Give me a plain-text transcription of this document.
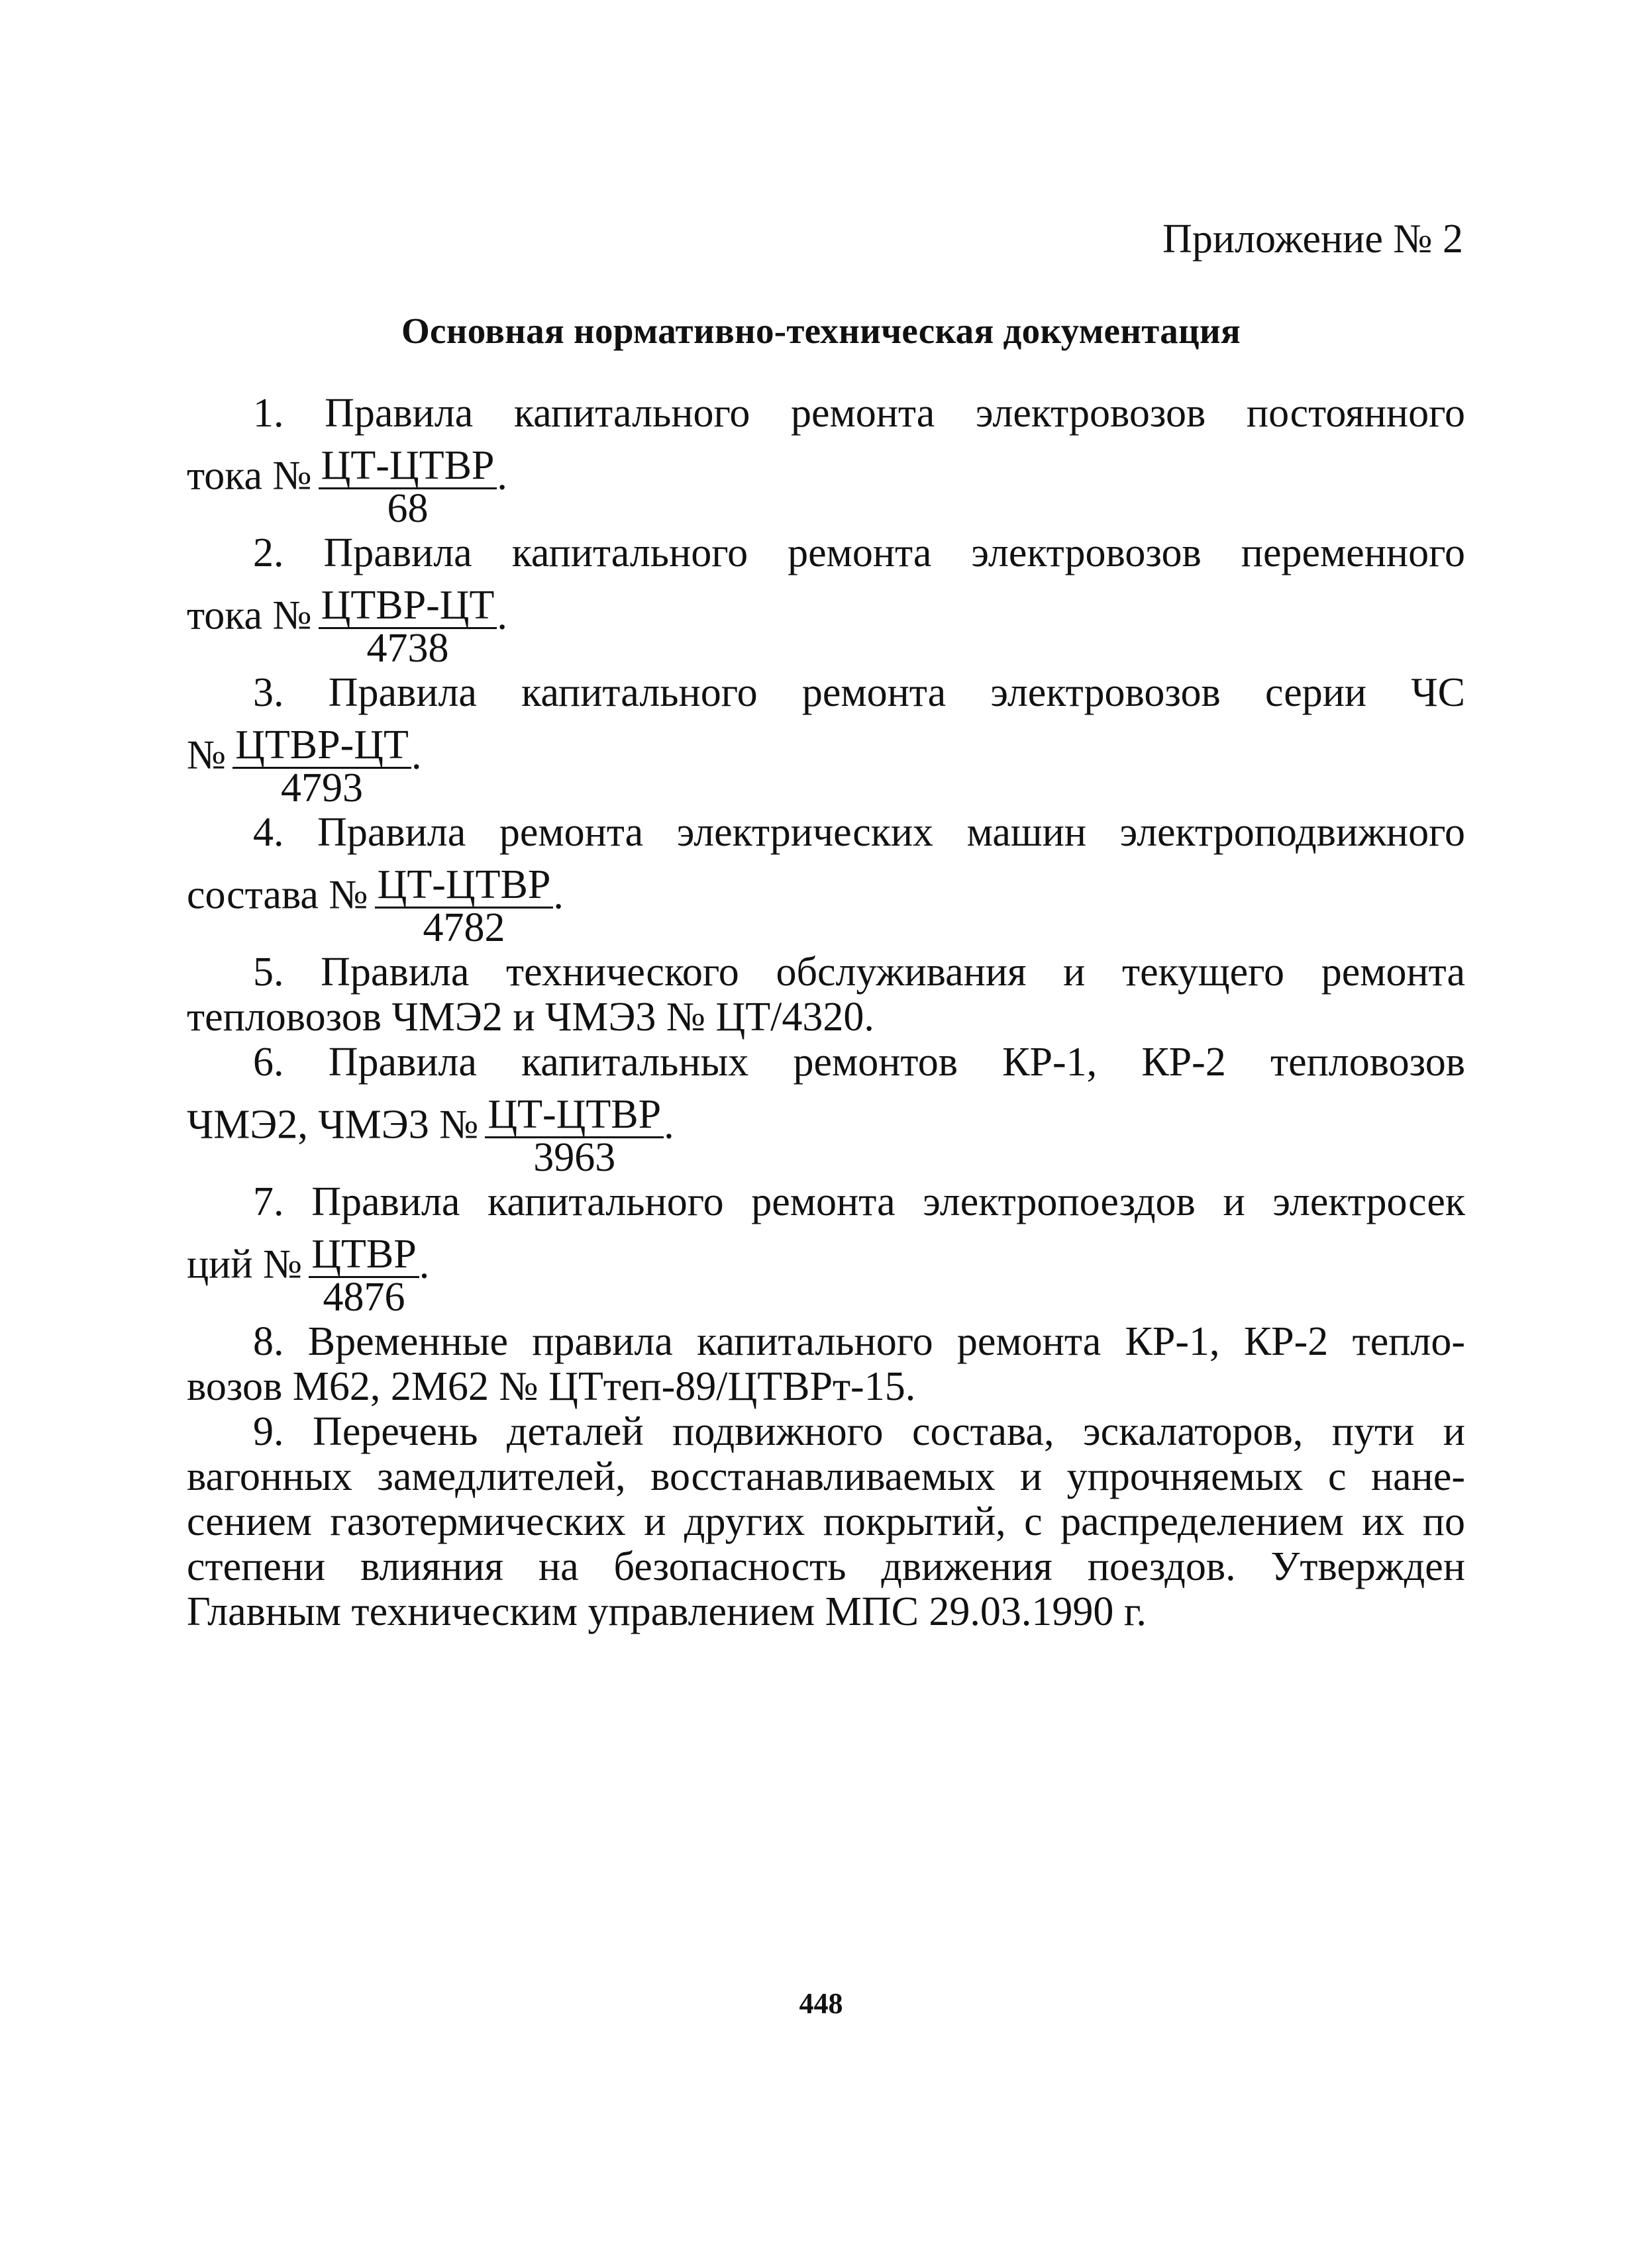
Приложение № 2
Основная нормативно-техническая документация
1. Правила капитального ремонта электровозов постоянного
тока № $\frac{\text{ЦТ-ЦТВР}}{68}$ .
2. Правила капитального ремонта электровозов переменного
тока № $\frac{\text{ЦТВР-ЦТ}}{4738}$ .
3. Правила капитального ремонта электровозов серии ЧС
№ $\frac{\text{ЦТВР-ЦТ}}{4793}$ .
4. Правила ремонта электрических машин электроподвижного
состава № $\frac{\text{ЦТ-ЦТВР}}{4782}$ .
5. Правила технического обслуживания и текущего ремонта
тепловозов ЧМЭ2 и ЧМЭ3 № ЦТ/4320.
6. Правила капитальных ремонтов КР-1, КР-2 тепловозов
ЧМЭ2, ЧМЭ3 № $\frac{\text{ЦТ-ЦТВР}}{3963}$ .
7. Правила капитального ремонта электропоездов и электросек
ций № $\frac{\text{ЦТВР}}{4876}$ .
8. Временные правила капитального ремонта КР-1, КР-2 тепло-
возов М62, 2М62 № ЦТтеп-89/ЦТВРт-15.
9. Перечень деталей подвижного состава, эскалаторов, пути и
вагонных замедлителей, восстанавливаемых и упрочняемых с нане-
сением газотермических и других покрытий, с распределением их по
степени влияния на безопасность движения поездов. Утвержден
Главным техническим управлением МПС 29.03.1990 г.
448
